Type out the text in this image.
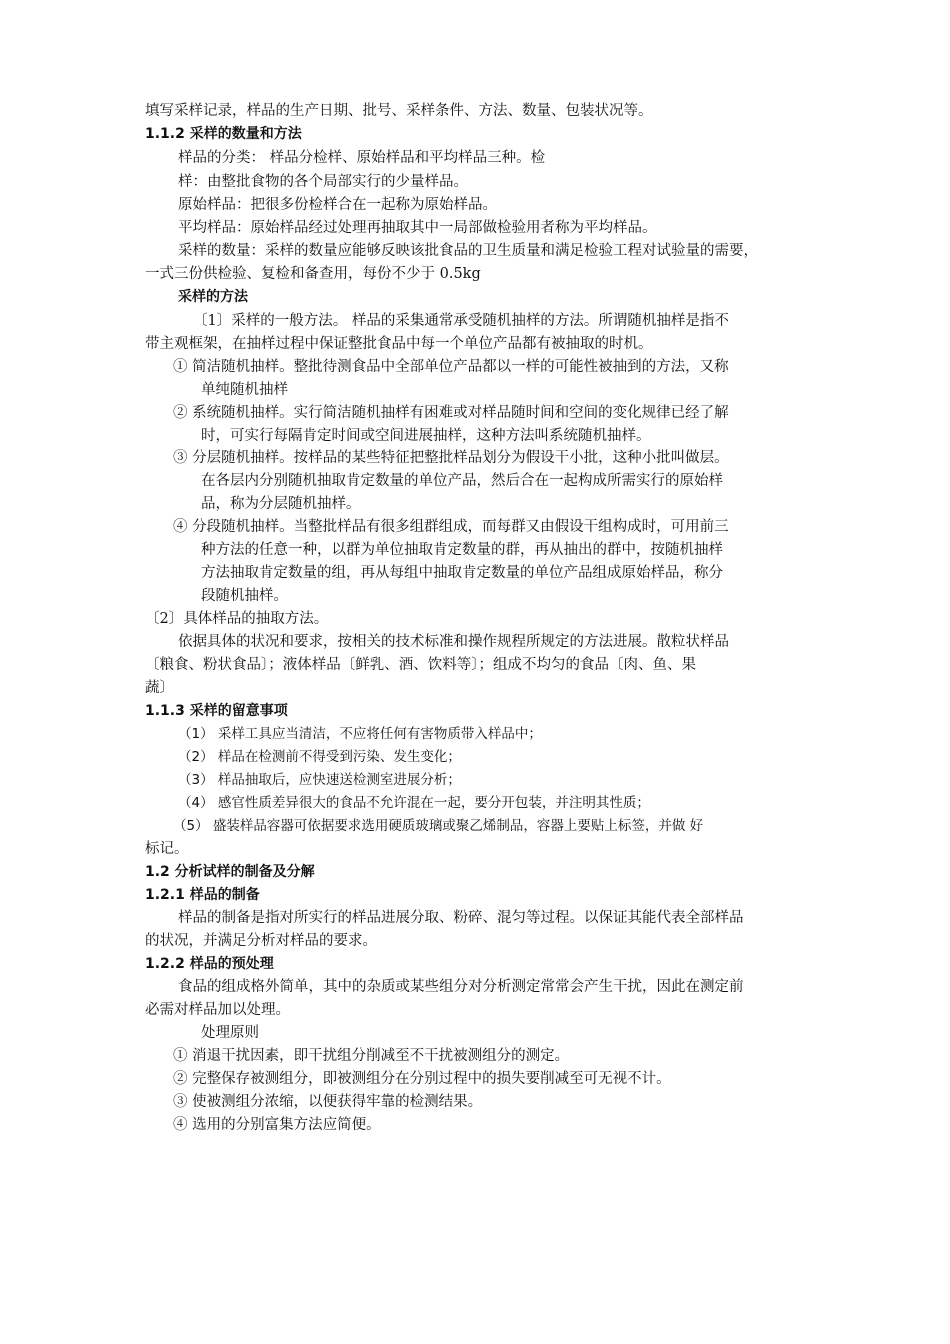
填写采样记录，样品的生产日期、批号、采样条件、方法、数量、包装状况等。
1.1.2 采样的数量和方法
样品的分类： 样品分检样、原始样品和平均样品三种。检
样：由整批食物的各个局部实行的少量样品。
原始样品：把很多份检样合在一起称为原始样品。
平均样品：原始样品经过处理再抽取其中一局部做检验用者称为平均样品。
采样的数量：采样的数量应能够反映该批食品的卫生质量和满足检验工程对试验量的需要，
一式三份供检验、复检和备查用，每份不少于 0.5kg
采样的方法
〔1〕采样的一般方法。 样品的采集通常承受随机抽样的方法。所谓随机抽样是指不
带主观框架，在抽样过程中保证整批食品中每一个单位产品都有被抽取的时机。
① 简洁随机抽样。整批待测食品中全部单位产品都以一样的可能性被抽到的方法，又称
单纯随机抽样
② 系统随机抽样。实行简洁随机抽样有困难或对样品随时间和空间的变化规律已经了解
时，可实行每隔肯定时间或空间进展抽样，这种方法叫系统随机抽样。
③ 分层随机抽样。按样品的某些特征把整批样品划分为假设干小批，这种小批叫做层。
在各层内分别随机抽取肯定数量的单位产品，然后合在一起构成所需实行的原始样
品，称为分层随机抽样。
④ 分段随机抽样。当整批样品有很多组群组成，而每群又由假设干组构成时，可用前三
种方法的任意一种，以群为单位抽取肯定数量的群，再从抽出的群中，按随机抽样
方法抽取肯定数量的组，再从每组中抽取肯定数量的单位产品组成原始样品，称分
段随机抽样。
〔2〕具体样品的抽取方法。
依据具体的状况和要求，按相关的技术标准和操作规程所规定的方法进展。散粒状样品
〔粮食、粉状食品〕；液体样品〔鲜乳、酒、饮料等〕；组成不均匀的食品〔肉、鱼、果
蔬〕
1.1.3 采样的留意事项
（1） 采样工具应当清洁，不应将任何有害物质带入样品中；
（2） 样品在检测前不得受到污染、发生变化；
（3） 样品抽取后，应快速送检测室进展分析；
（4） 感官性质差异很大的食品不允许混在一起，要分开包装，并注明其性质；
（5） 盛装样品容器可依据要求选用硬质玻璃或聚乙烯制品，容器上要贴上标签，并做 好
标记。
1.2 分析试样的制备及分解
1.2.1 样品的制备
样品的制备是指对所实行的样品进展分取、粉碎、混匀等过程。以保证其能代表全部样品
的状况，并满足分析对样品的要求。
1.2.2 样品的预处理
食品的组成格外简单，其中的杂质或某些组分对分析测定常常会产生干扰，因此在测定前
必需对样品加以处理。
处理原则
① 消退干扰因素，即干扰组分削减至不干扰被测组分的测定。
② 完整保存被测组分，即被测组分在分别过程中的损失要削减至可无视不计。
③ 使被测组分浓缩，以便获得牢靠的检测结果。
④ 选用的分别富集方法应简便。
